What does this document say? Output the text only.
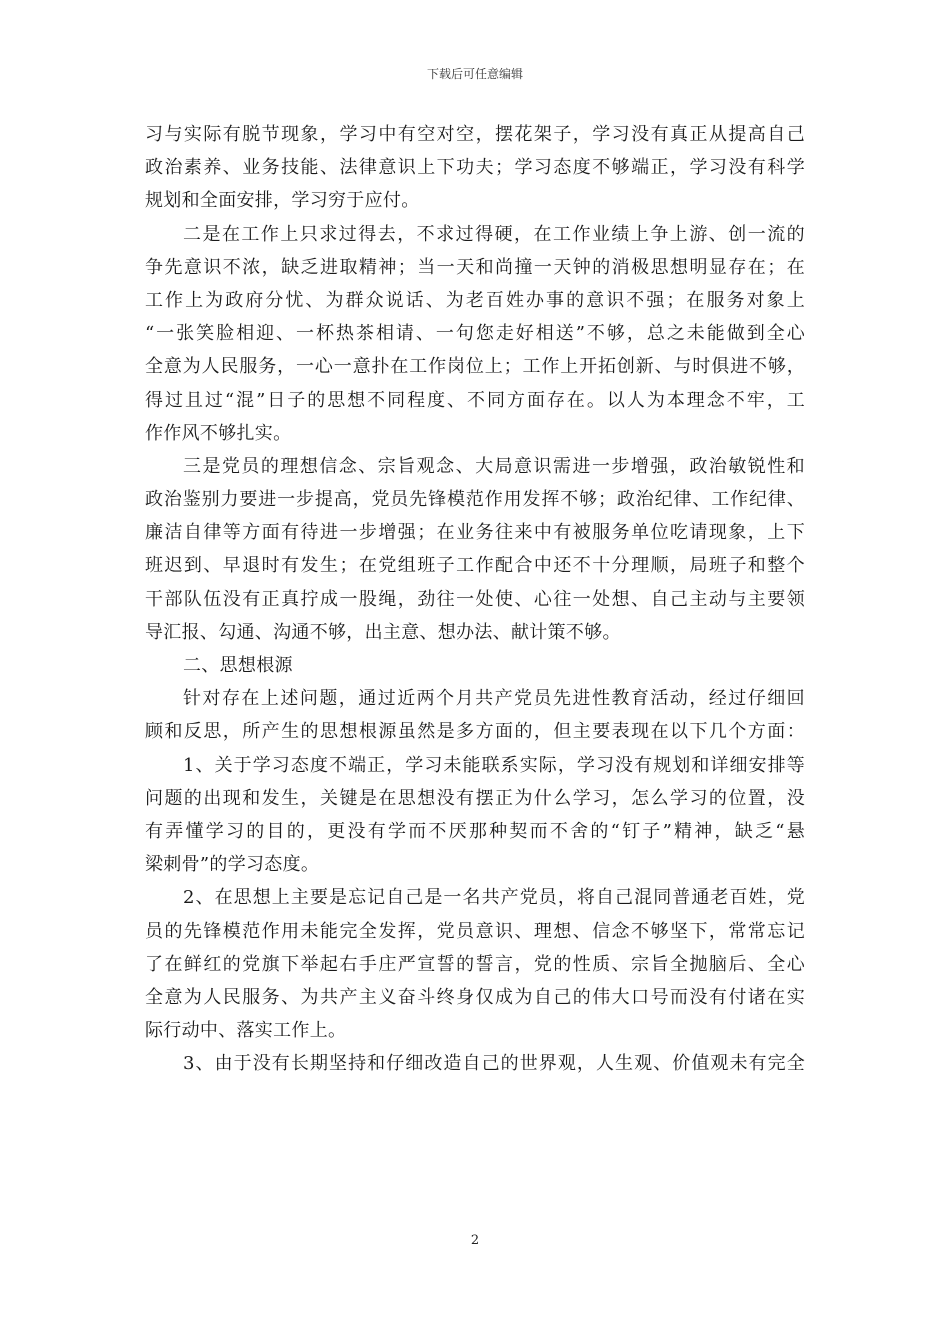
下载后可任意编辑
习与实际有脱节现象，学习中有空对空，摆花架子，学习没有真正从提高自己
政治素养、业务技能、法律意识上下功夫；学习态度不够端正，学习没有科学
规划和全面安排，学习穷于应付。
二是在工作上只求过得去，不求过得硬，在工作业绩上争上游、创一流的
争先意识不浓，缺乏进取精神；当一天和尚撞一天钟的消极思想明显存在；在
工作上为政府分忧、为群众说话、为老百姓办事的意识不强；在服务对象上
“一张笑脸相迎、一杯热茶相请、一句您走好相送”不够，总之未能做到全心
全意为人民服务，一心一意扑在工作岗位上；工作上开拓创新、与时俱进不够，
得过且过“混”日子的思想不同程度、不同方面存在。以人为本理念不牢，工
作作风不够扎实。
三是党员的理想信念、宗旨观念、大局意识需进一步增强，政治敏锐性和
政治鉴别力要进一步提高，党员先锋模范作用发挥不够；政治纪律、工作纪律、
廉洁自律等方面有待进一步增强；在业务往来中有被服务单位吃请现象，上下
班迟到、早退时有发生；在党组班子工作配合中还不十分理顺，局班子和整个
干部队伍没有正真拧成一股绳，劲往一处使、心往一处想、自己主动与主要领
导汇报、勾通、沟通不够，出主意、想办法、献计策不够。
二、思想根源
针对存在上述问题，通过近两个月共产党员先进性教育活动，经过仔细回
顾和反思，所产生的思想根源虽然是多方面的，但主要表现在以下几个方面：
1、关于学习态度不端正，学习未能联系实际，学习没有规划和详细安排等
问题的出现和发生，关键是在思想没有摆正为什么学习，怎么学习的位置，没
有弄懂学习的目的，更没有学而不厌那种契而不舍的“钉子”精神，缺乏“悬
梁刺骨”的学习态度。
2、在思想上主要是忘记自己是一名共产党员，将自己混同普通老百姓，党
员的先锋模范作用未能完全发挥，党员意识、理想、信念不够坚下，常常忘记
了在鲜红的党旗下举起右手庄严宣誓的誓言，党的性质、宗旨全抛脑后、全心
全意为人民服务、为共产主义奋斗终身仅成为自己的伟大口号而没有付诸在实
际行动中、落实工作上。
3、由于没有长期坚持和仔细改造自己的世界观，人生观、价值观未有完全
2
